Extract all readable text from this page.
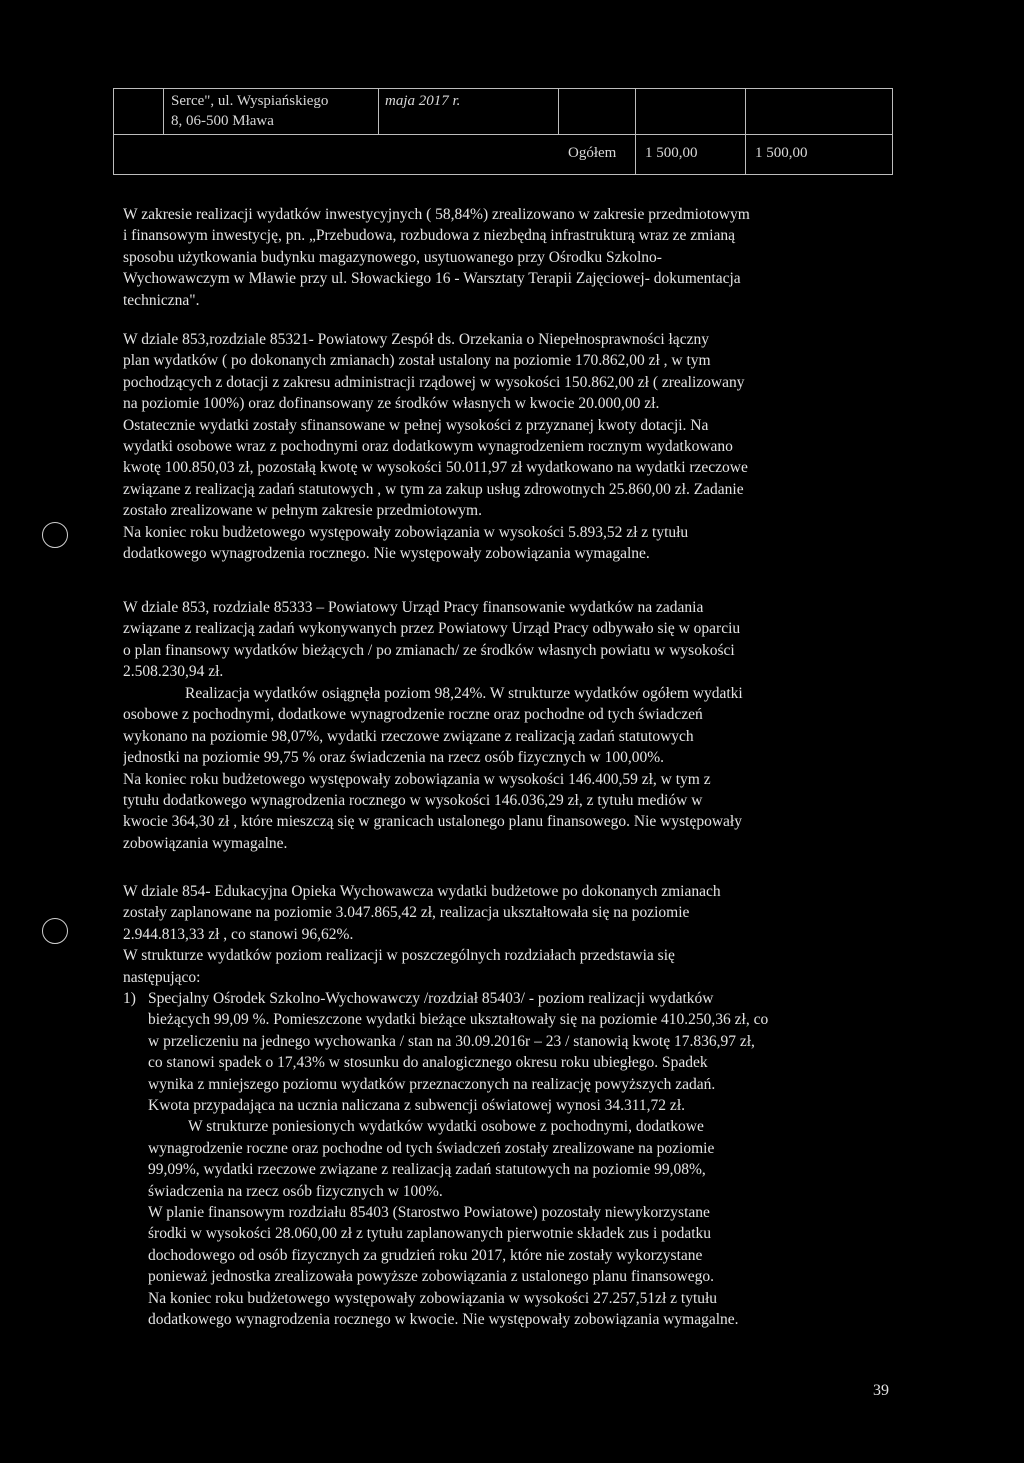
Serce", ul. Wyspiańskiego
8, 06-500 Mława
maja 2017 r.
Ogółem 1 500,00	1 500,00
W zakresie realizacji wydatków inwestycyjnych ( 58,84%) zrealizowano w zakresie przedmiotowym
i finansowym inwestycję, pn. „Przebudowa, rozbudowa z niezbędną infrastrukturą wraz ze zmianą
sposobu użytkowania budynku magazynowego, usytuowanego przy Ośrodku Szkolno-
Wychowawczym w Mławie przy ul. Słowackiego 16 - Warsztaty Terapii Zajęciowej- dokumentacja
techniczna".
W dziale 853,rozdziale 85321- Powiatowy Zespół ds. Orzekania o Niepełnosprawności łączny
plan wydatków ( po dokonanych zmianach) został ustalony na poziomie 170.862,00 zł , w tym
pochodzących z dotacji z zakresu administracji rządowej w wysokości 150.862,00 zł ( zrealizowany
na poziomie 100%) oraz dofinansowany ze środków własnych w kwocie 20.000,00 zł.
Ostatecznie wydatki zostały sfinansowane w pełnej wysokości z przyznanej kwoty dotacji. Na
wydatki osobowe wraz z pochodnymi oraz dodatkowym wynagrodzeniem rocznym wydatkowano
kwotę 100.850,03 zł, pozostałą kwotę w wysokości 50.011,97 zł wydatkowano na wydatki rzeczowe
związane z realizacją zadań statutowych , w tym za zakup usług zdrowotnych 25.860,00 zł. Zadanie
zostało zrealizowane w pełnym zakresie przedmiotowym.
Na koniec roku budżetowego występowały zobowiązania w wysokości 5.893,52 zł z tytułu
dodatkowego wynagrodzenia rocznego. Nie występowały zobowiązania wymagalne.
W dziale 853, rozdziale 85333 – Powiatowy Urząd Pracy finansowanie wydatków na zadania
związane z realizacją zadań wykonywanych przez Powiatowy Urząd Pracy odbywało się w oparciu
o plan finansowy wydatków bieżących / po zmianach/ ze środków własnych powiatu w wysokości
2.508.230,94 zł.
Realizacja wydatków osiągnęła poziom 98,24%. W strukturze wydatków ogółem wydatki
osobowe z pochodnymi, dodatkowe wynagrodzenie roczne oraz pochodne od tych świadczeń
wykonano na poziomie 98,07%, wydatki rzeczowe związane z realizacją zadań statutowych
jednostki na poziomie 99,75 % oraz świadczenia na rzecz osób fizycznych w 100,00%.
Na koniec roku budżetowego występowały zobowiązania w wysokości 146.400,59 zł, w tym z
tytułu dodatkowego wynagrodzenia rocznego w wysokości 146.036,29 zł, z tytułu mediów w
kwocie 364,30 zł , które mieszczą się w granicach ustalonego planu finansowego. Nie występowały
zobowiązania wymagalne.
W dziale 854- Edukacyjna Opieka Wychowawcza wydatki budżetowe po dokonanych zmianach
zostały zaplanowane na poziomie 3.047.865,42 zł, realizacja ukształtowała się na poziomie
2.944.813,33 zł , co stanowi 96,62%.
W strukturze wydatków poziom realizacji w poszczególnych rozdziałach przedstawia się
następująco:
1) Specjalny Ośrodek Szkolno-Wychowawczy /rozdział 85403/ - poziom realizacji wydatków
bieżących 99,09 %. Pomieszczone wydatki bieżące ukształtowały się na poziomie 410.250,36 zł, co
w przeliczeniu na jednego wychowanka / stan na 30.09.2016r – 23 / stanowią kwotę 17.836,97 zł,
co stanowi spadek o 17,43% w stosunku do analogicznego okresu roku ubiegłego. Spadek
wynika z mniejszego poziomu wydatków przeznaczonych na realizację powyższych zadań.
Kwota przypadająca na ucznia naliczana z subwencji oświatowej wynosi 34.311,72 zł.
W strukturze poniesionych wydatków wydatki osobowe z pochodnymi, dodatkowe
wynagrodzenie roczne oraz pochodne od tych świadczeń zostały zrealizowane na poziomie
99,09%, wydatki rzeczowe związane z realizacją zadań statutowych na poziomie 99,08%,
świadczenia na rzecz osób fizycznych w 100%.
W planie finansowym rozdziału 85403 (Starostwo Powiatowe) pozostały niewykorzystane
środki w wysokości 28.060,00 zł z tytułu zaplanowanych pierwotnie składek zus i podatku
dochodowego od osób fizycznych za grudzień roku 2017, które nie zostały wykorzystane
ponieważ jednostka zrealizowała powyższe zobowiązania z ustalonego planu finansowego.
Na koniec roku budżetowego występowały zobowiązania w wysokości 27.257,51zł z tytułu
dodatkowego wynagrodzenia rocznego w kwocie. Nie występowały zobowiązania wymagalne.
39
